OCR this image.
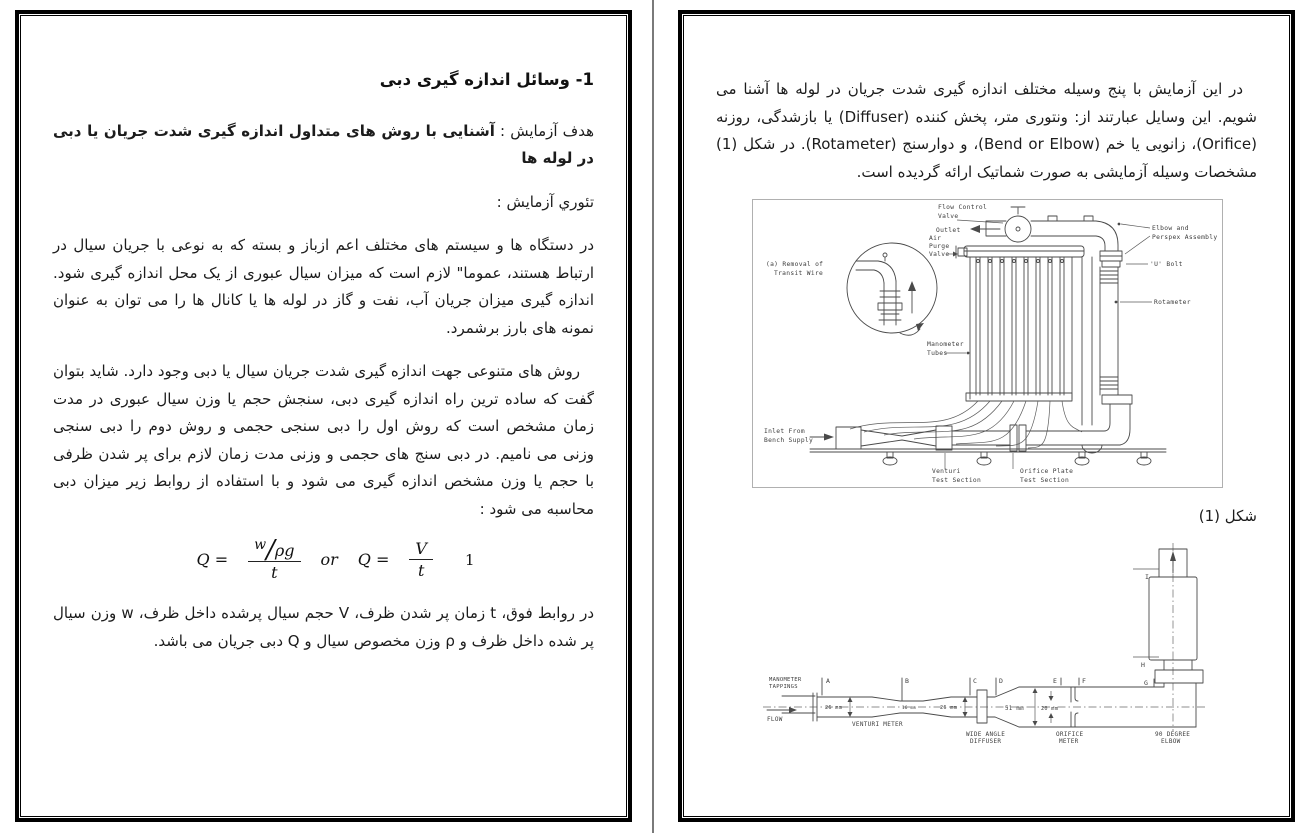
1- وسائل اندازه گیری دبی

هدف آزمایش : آشنایی با روش های متداول اندازه گیری شدت جریان یا دبی در لوله ها

تئوري آزمایش :

در دستگاه ها و سیستم های مختلف اعم ازباز و بسته که به نوعی با جریان سیال در ارتباط هستند، عموما" لازم است که میزان سیال عبوری از یک محل اندازه گیری شود. اندازه گیری میزان جریان آب، نفت و گاز در لوله ها یا کانال ها را می توان به عنوان نمونه های بارز برشمرد.

روش های متنوعی جهت اندازه گیری شدت جریان سیال یا دبی وجود دارد. شاید بتوان گفت که ساده ترین راه اندازه گیری دبی، سنجش حجم یا وزن سیال عبوری در مدت زمان مشخص است که روش اول را دبی سنجی حجمی و روش دوم را دبی سنجی وزنی می نامیم. در دبی سنج های حجمی و وزنی مدت زمان لازم برای پر شدن ظرفی با حجم یا وزن مشخص اندازه گیری می شود و با استفاده از روابط زیر میزان دبی محاسبه می شود :

$Q = \frac{w∕\rho g}{t}$ or $Q = \frac{V}{t} 1$

در روابط فوق، t زمان پر شدن ظرف، V حجم سیال پرشده داخل ظرف، w وزن سیال پر شده داخل ظرف و ρ وزن مخصوص سیال و Q دبی جریان می باشد.

در این آزمایش با پنج وسیله مختلف اندازه گیری شدت جریان در لوله ها آشنا می شویم. این وسایل عبارتند از: ونتوری متر، پخش کننده (Diffuser) یا بازشدگی، روزنه (Orifice)، زانویی یا خم (Bend or Elbow)، و دوارسنج (Rotameter). در شکل (1) مشخصات وسیله آزمایشی به صورت شماتیک ارائه گردیده است.

(a) Removal of
Transit Wire
Flow Control
Valve
Outlet
Air
Purge
Valve
Elbow and
Perspex Assembly
'U' Bolt
Rotameter
Manometer
Tubes
Inlet From
Bench Supply
Venturi
Test Section
Orifice Plate
Test Section
شکل (1)
FLOW
MANOMETER
TAPPINGS
A	B	C	D	E	F	G
H
I
26 mm	16 mm	26 mm	51 mm	20 mm
VENTURI METER
WIDE ANGLE
DIFFUSER
ORIFICE
METER
90 DEGREE
ELBOW
